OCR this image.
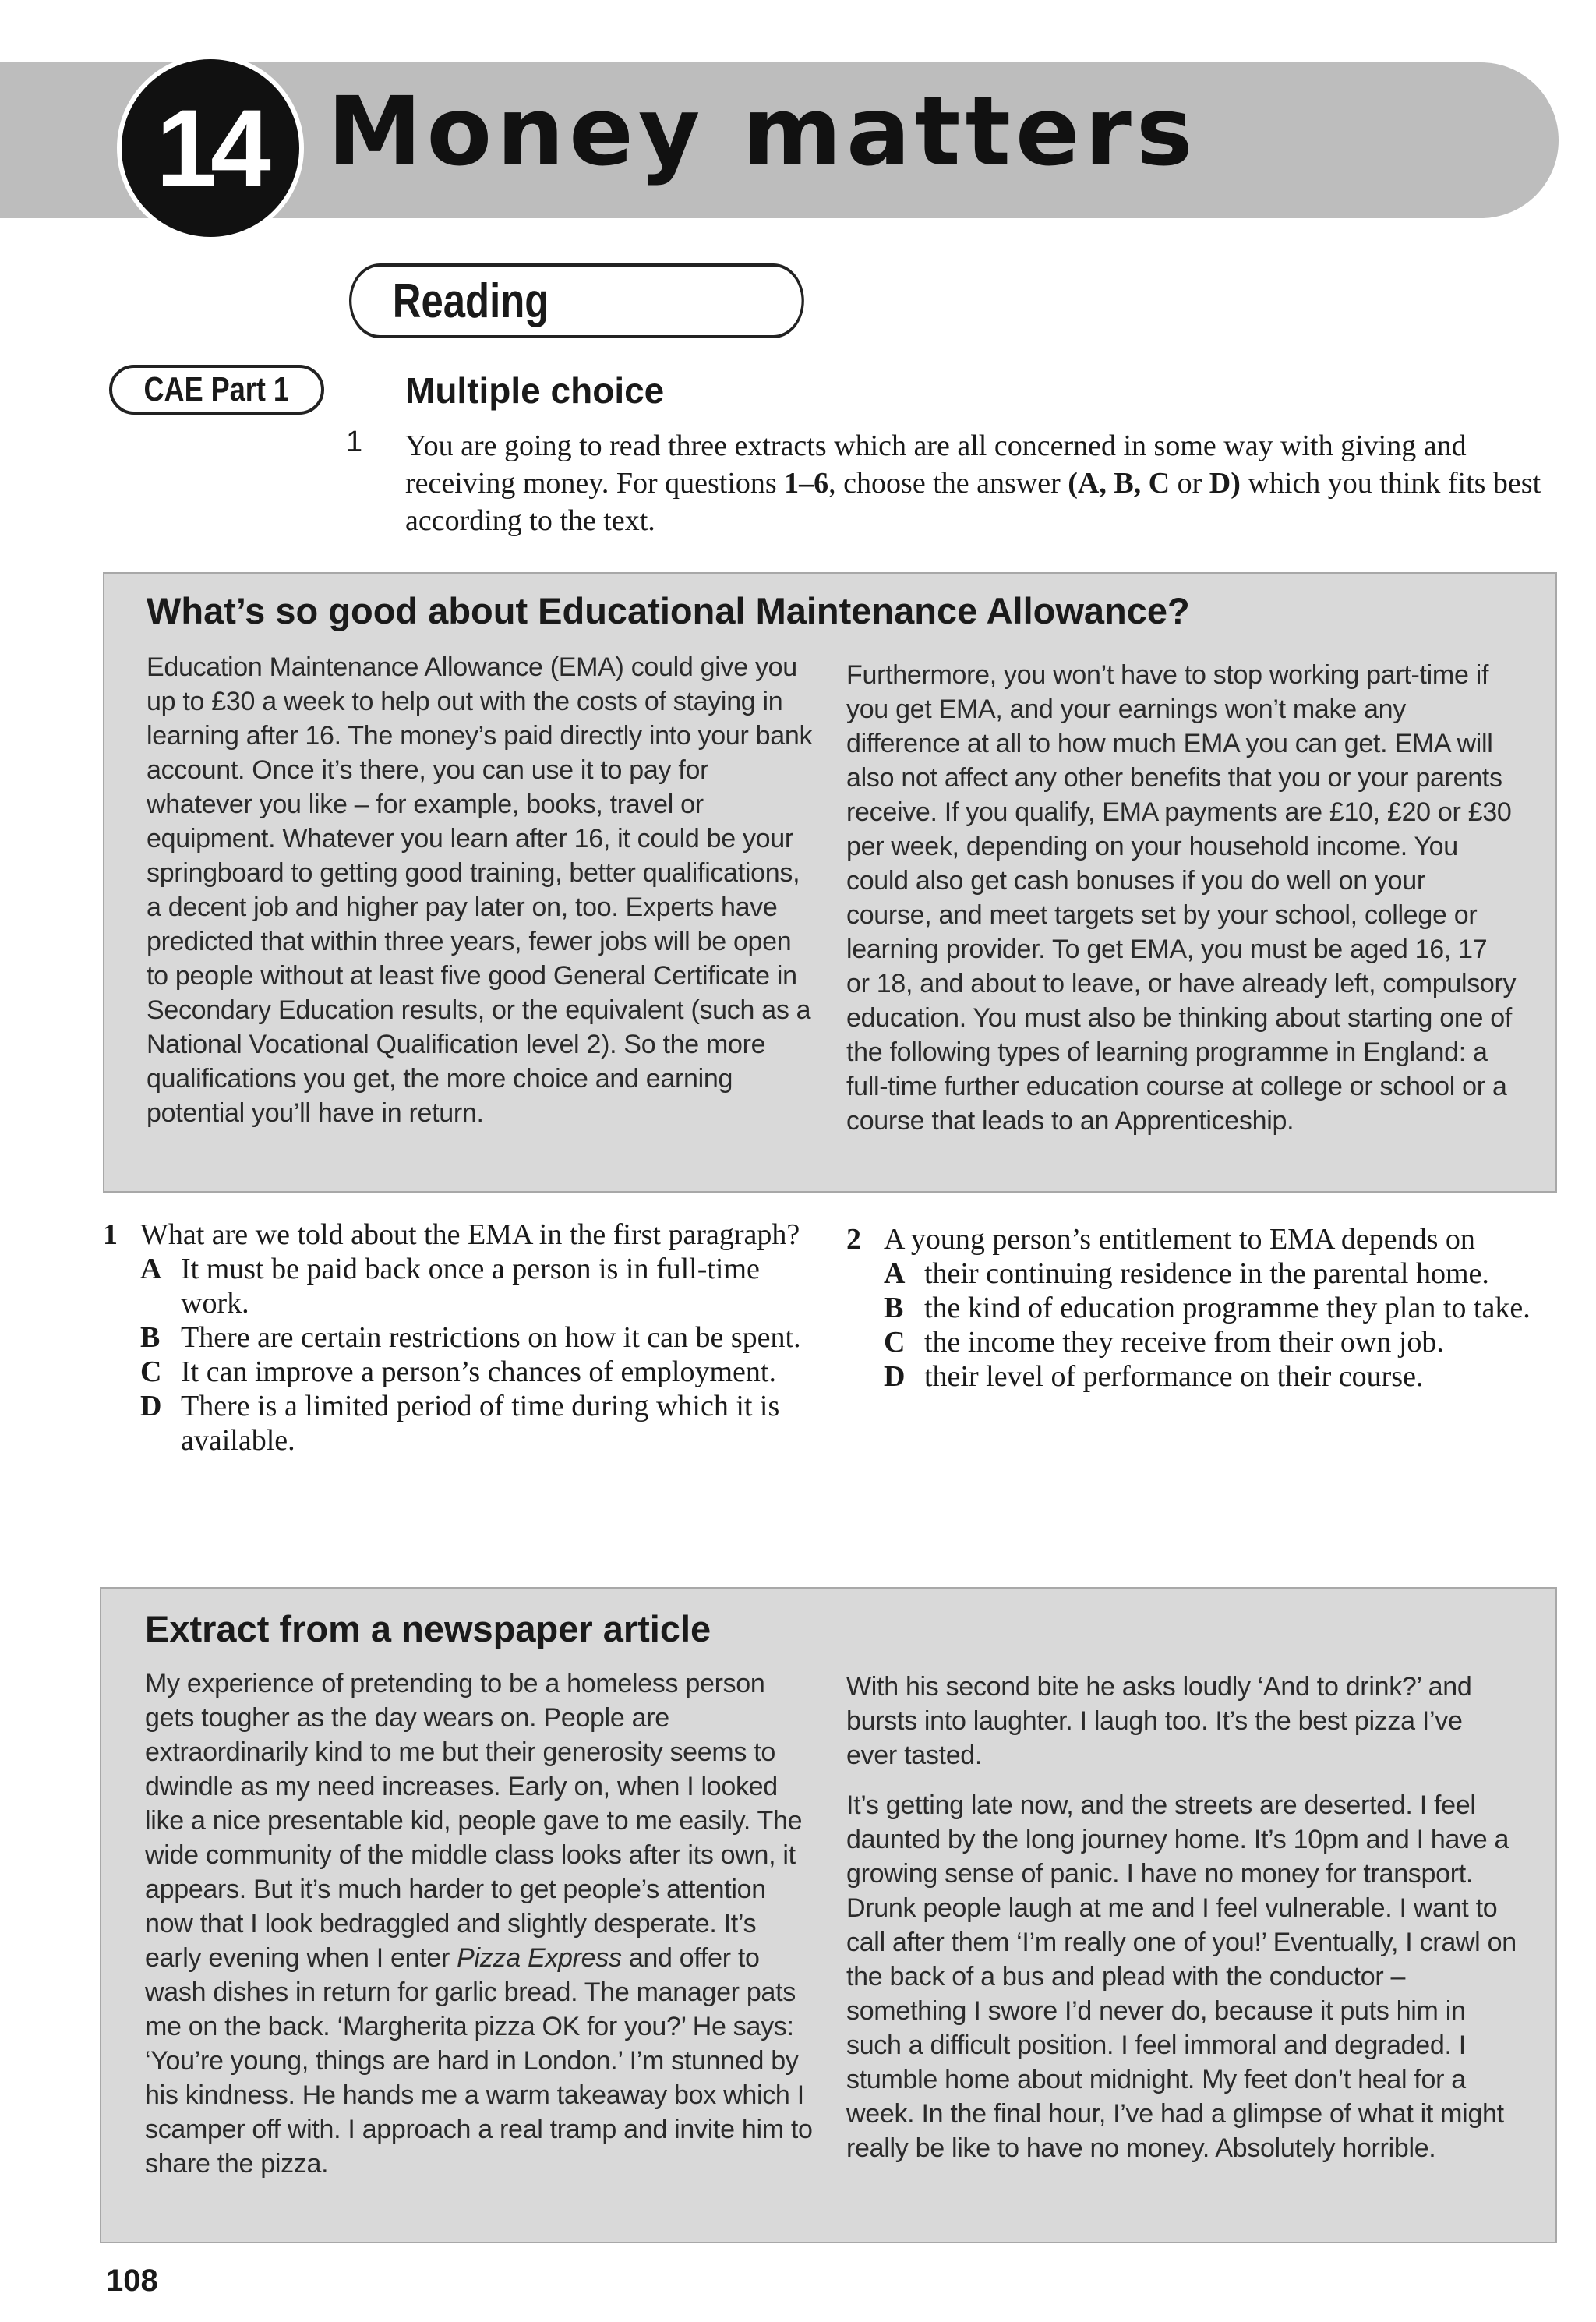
14 Money matters
Reading
CAE Part 1	Multiple choice
1 You are going to read three extracts which are all concerned in some way with giving and receiving money. For questions 1–6, choose the answer (A, B, C or D) which you think fits best according to the text.
What’s so good about Educational Maintenance Allowance?

Education Maintenance Allowance (EMA) could give you up to £30 a week to help out with the costs of staying in learning after 16. The money’s paid directly into your bank account. Once it’s there, you can use it to pay for whatever you like – for example, books, travel or equipment. Whatever you learn after 16, it could be your springboard to getting good training, better qualifications, a decent job and higher pay later on, too. Experts have predicted that within three years, fewer jobs will be open to people without at least five good General Certificate in Secondary Education results, or the equivalent (such as a National Vocational Qualification level 2). So the more qualifications you get, the more choice and earning potential you’ll have in return.

Furthermore, you won’t have to stop working part-time if you get EMA, and your earnings won’t make any difference at all to how much EMA you can get. EMA will also not affect any other benefits that you or your parents receive. If you qualify, EMA payments are £10, £20 or £30 per week, depending on your household income. You could also get cash bonuses if you do well on your course, and meet targets set by your school, college or learning provider. To get EMA, you must be aged 16, 17 or 18, and about to leave, or have already left, compulsory education. You must also be thinking about starting one of the following types of learning programme in England: a full-time further education course at college or school or a course that leads to an Apprenticeship.

1 What are we told about the EMA in the first paragraph?
A It must be paid back once a person is in full-time work.
B There are certain restrictions on how it can be spent.
C It can improve a person’s chances of employment.
D There is a limited period of time during which it is available.
2 A young person’s entitlement to EMA depends on
A their continuing residence in the parental home.
B the kind of education programme they plan to take.
C the income they receive from their own job.
D their level of performance on their course.
Extract from a newspaper article

My experience of pretending to be a homeless person gets tougher as the day wears on. People are extraordinarily kind to me but their generosity seems to dwindle as my need increases. Early on, when I looked like a nice presentable kid, people gave to me easily. The wide community of the middle class looks after its own, it appears. But it’s much harder to get people’s attention now that I look bedraggled and slightly desperate. It’s early evening when I enter Pizza Express and offer to wash dishes in return for garlic bread. The manager pats me on the back. ‘Margherita pizza OK for you?’ He says: ‘You’re young, things are hard in London.’ I’m stunned by his kindness. He hands me a warm takeaway box which I scamper off with. I approach a real tramp and invite him to share the pizza.

With his second bite he asks loudly ‘And to drink?’ and bursts into laughter. I laugh too. It’s the best pizza I’ve ever tasted.

It’s getting late now, and the streets are deserted. I feel daunted by the long journey home. It’s 10pm and I have a growing sense of panic. I have no money for transport. Drunk people laugh at me and I feel vulnerable. I want to call after them ‘I’m really one of you!’ Eventually, I crawl on the back of a bus and plead with the conductor – something I swore I’d never do, because it puts him in such a difficult position. I feel immoral and degraded. I stumble home about midnight. My feet don’t heal for a week. In the final hour, I’ve had a glimpse of what it might really be like to have no money. Absolutely horrible.

108
